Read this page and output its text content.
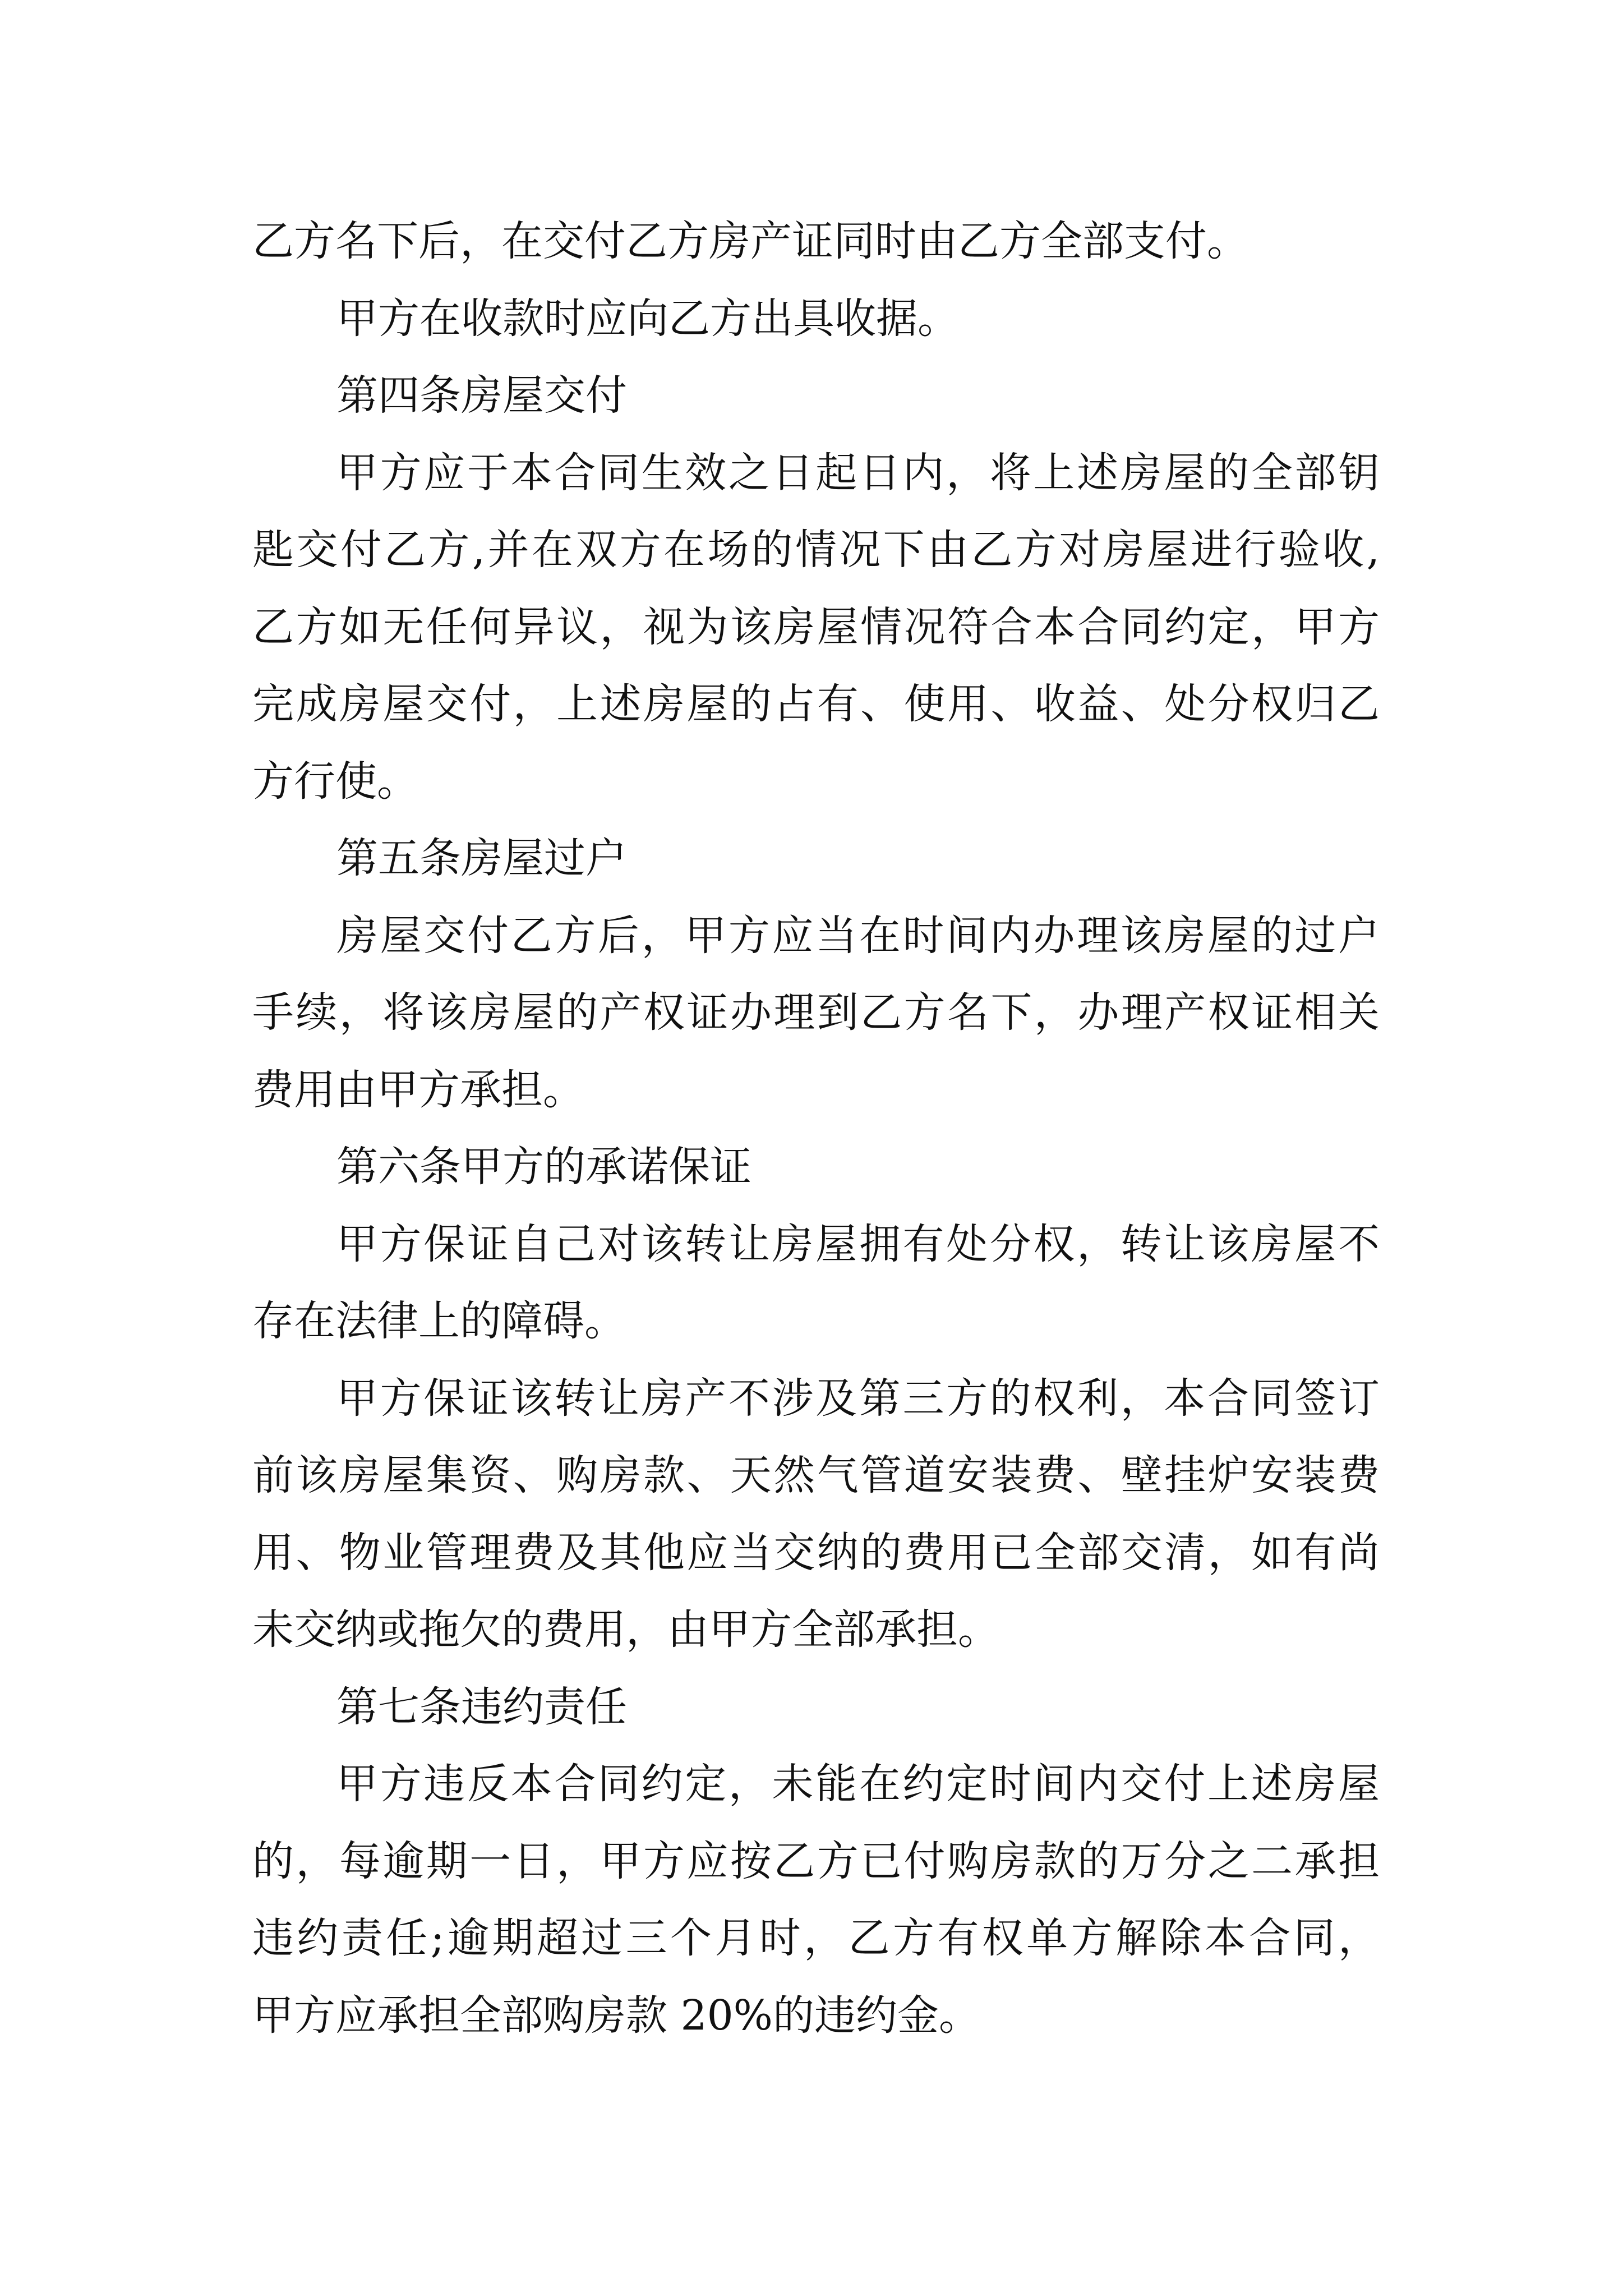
乙方名下后，在交付乙方房产证同时由乙方全部支付。
甲方在收款时应向乙方出具收据。
第四条房屋交付
甲方应于本合同生效之日起日内，将上述房屋的全部钥
匙交付乙方,并在双方在场的情况下由乙方对房屋进行验收,
乙方如无任何异议，视为该房屋情况符合本合同约定，甲方
完成房屋交付，上述房屋的占有、使用、收益、处分权归乙
方行使。
第五条房屋过户
房屋交付乙方后，甲方应当在时间内办理该房屋的过户
手续，将该房屋的产权证办理到乙方名下，办理产权证相关
费用由甲方承担。
第六条甲方的承诺保证
甲方保证自己对该转让房屋拥有处分权，转让该房屋不
存在法律上的障碍。
甲方保证该转让房产不涉及第三方的权利，本合同签订
前该房屋集资、购房款、天然气管道安装费、壁挂炉安装费
用、物业管理费及其他应当交纳的费用已全部交清，如有尚
未交纳或拖欠的费用，由甲方全部承担。
第七条违约责任
甲方违反本合同约定，未能在约定时间内交付上述房屋
的，每逾期一日，甲方应按乙方已付购房款的万分之二承担
违约责任;逾期超过三个月时，乙方有权单方解除本合同，
甲方应承担全部购房款 20%的违约金。
